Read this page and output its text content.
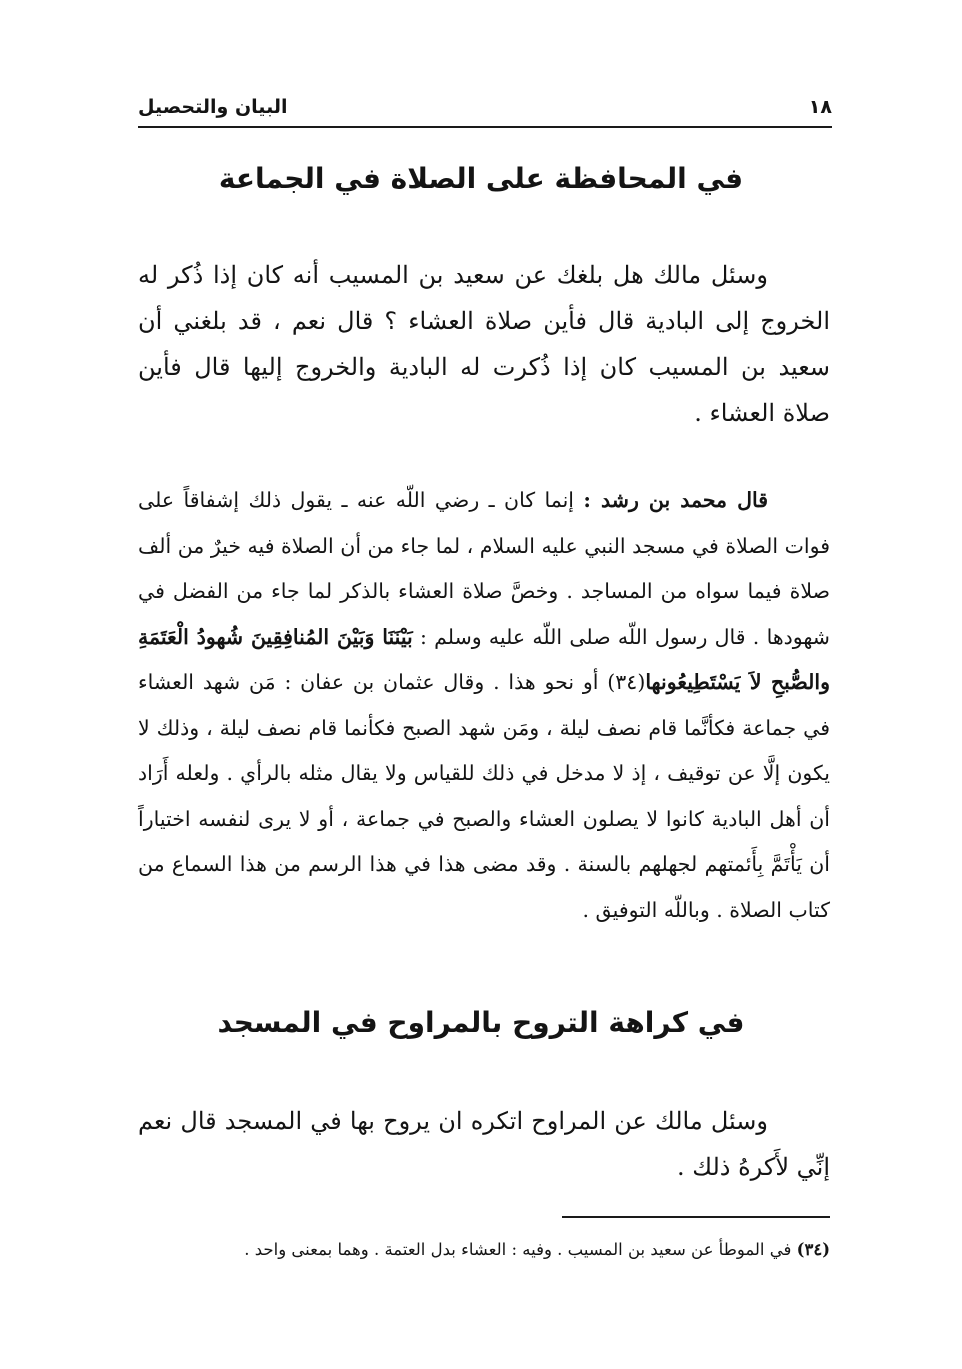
١٨
البيان والتحصيل
في المحافظة على الصلاة في الجماعة

وسئل مالك هل بلغك عن سعيد بن المسيب أنه كان إذا ذُكر له الخروج إلى البادية قال فأين صلاة العشاء ؟ قال نعم ، قد بلغني أن سعيد بن المسيب كان إذا ذُكرت له البادية والخروج إليها قال فأين صلاة العشاء .

قال محمد بن رشد : إنما كان ـ رضي اللّه عنه ـ يقول ذلك إشفاقاً على فوات الصلاة في مسجد النبي عليه السلام ، لما جاء من أن الصلاة فيه خيرٌ من ألف صلاة فيما سواه من المساجد . وخصَّ صلاة العشاء بالذكر لما جاء من الفضل في شهودها . قال رسول اللّه صلى اللّه عليه وسلم : بَيْنَنَا وَبَيْنَ المُنافِقِينَ شُهودُ الْعَتَمَةِ والصُّبحِ لاَ يَسْتَطِيعُونها(٣٤) أو نحو هذا . وقال عثمان بن عفان : مَن شهد العشاء في جماعة فكأنَّما قام نصف ليلة ، ومَن شهد الصبح فكأنما قام نصف ليلة ، وذلك لا يكون إلَّا عن توقيف ، إذ لا مدخل في ذلك للقياس ولا يقال مثله بالرأي . ولعله أَرَاد أن أهل البادية كانوا لا يصلون العشاء والصبح في جماعة ، أو لا يرى لنفسه اختياراً أن يَأْتَمَّ بِأَئمتهم لجهلهم بالسنة . وقد مضى هذا في هذا الرسم من هذا السماع من كتاب الصلاة . وباللّه التوفيق .

في كراهة التروح بالمراوح في المسجد

وسئل مالك عن المراوح اتكره ان يروح بها في المسجد قال نعم إنِّي لأَكرهُ ذلك .

(٣٤) في الموطأ عن سعيد بن المسيب . وفيه : العشاء بدل العتمة . وهما بمعنى واحد .
